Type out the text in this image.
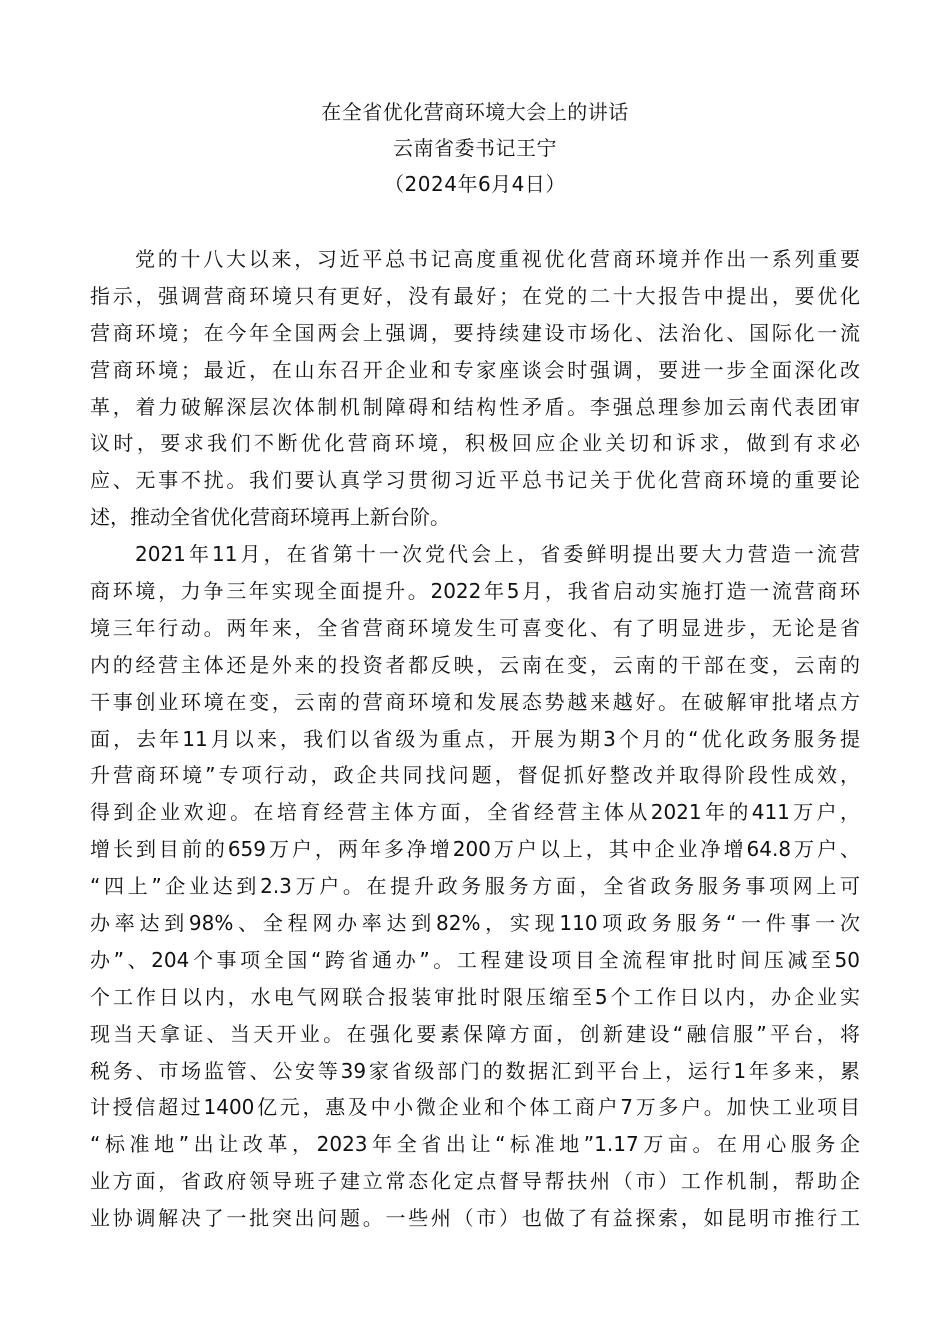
在全省优化营商环境大会上的讲话
云南省委书记王宁
（2024年6月4日）
党的十八大以来，习近平总书记高度重视优化营商环境并作出一系列重要
指示，强调营商环境只有更好，没有最好；在党的二十大报告中提出，要优化
营商环境；在今年全国两会上强调，要持续建设市场化、法治化、国际化一流
营商环境；最近，在山东召开企业和专家座谈会时强调，要进一步全面深化改
革，着力破解深层次体制机制障碍和结构性矛盾。李强总理参加云南代表团审
议时，要求我们不断优化营商环境，积极回应企业关切和诉求，做到有求必
应、无事不扰。我们要认真学习贯彻习近平总书记关于优化营商环境的重要论
述，推动全省优化营商环境再上新台阶。
2021年11月，在省第十一次党代会上，省委鲜明提出要大力营造一流营
商环境，力争三年实现全面提升。2022年5月，我省启动实施打造一流营商环
境三年行动。两年来，全省营商环境发生可喜变化、有了明显进步，无论是省
内的经营主体还是外来的投资者都反映，云南在变，云南的干部在变，云南的
干事创业环境在变，云南的营商环境和发展态势越来越好。在破解审批堵点方
面，去年11月以来，我们以省级为重点，开展为期3个月的“优化政务服务提
升营商环境”专项行动，政企共同找问题，督促抓好整改并取得阶段性成效，
得到企业欢迎。在培育经营主体方面，全省经营主体从2021年的411万户，
增长到目前的659万户，两年多净增200万户以上，其中企业净增64.8万户、
“四上”企业达到2.3万户。在提升政务服务方面，全省政务服务事项网上可
办率达到98%、全程网办率达到82%，实现110项政务服务“一件事一次
办”、204个事项全国“跨省通办”。工程建设项目全流程审批时间压减至50
个工作日以内，水电气网联合报装审批时限压缩至5个工作日以内，办企业实
现当天拿证、当天开业。在强化要素保障方面，创新建设“融信服”平台，将
税务、市场监管、公安等39家省级部门的数据汇到平台上，运行1年多来，累
计授信超过1400亿元，惠及中小微企业和个体工商户7万多户。加快工业项目
“标准地”出让改革，2023年全省出让“标准地”1.17万亩。在用心服务企
业方面，省政府领导班子建立常态化定点督导帮扶州（市）工作机制，帮助企
业协调解决了一批突出问题。一些州（市）也做了有益探索，如昆明市推行工
